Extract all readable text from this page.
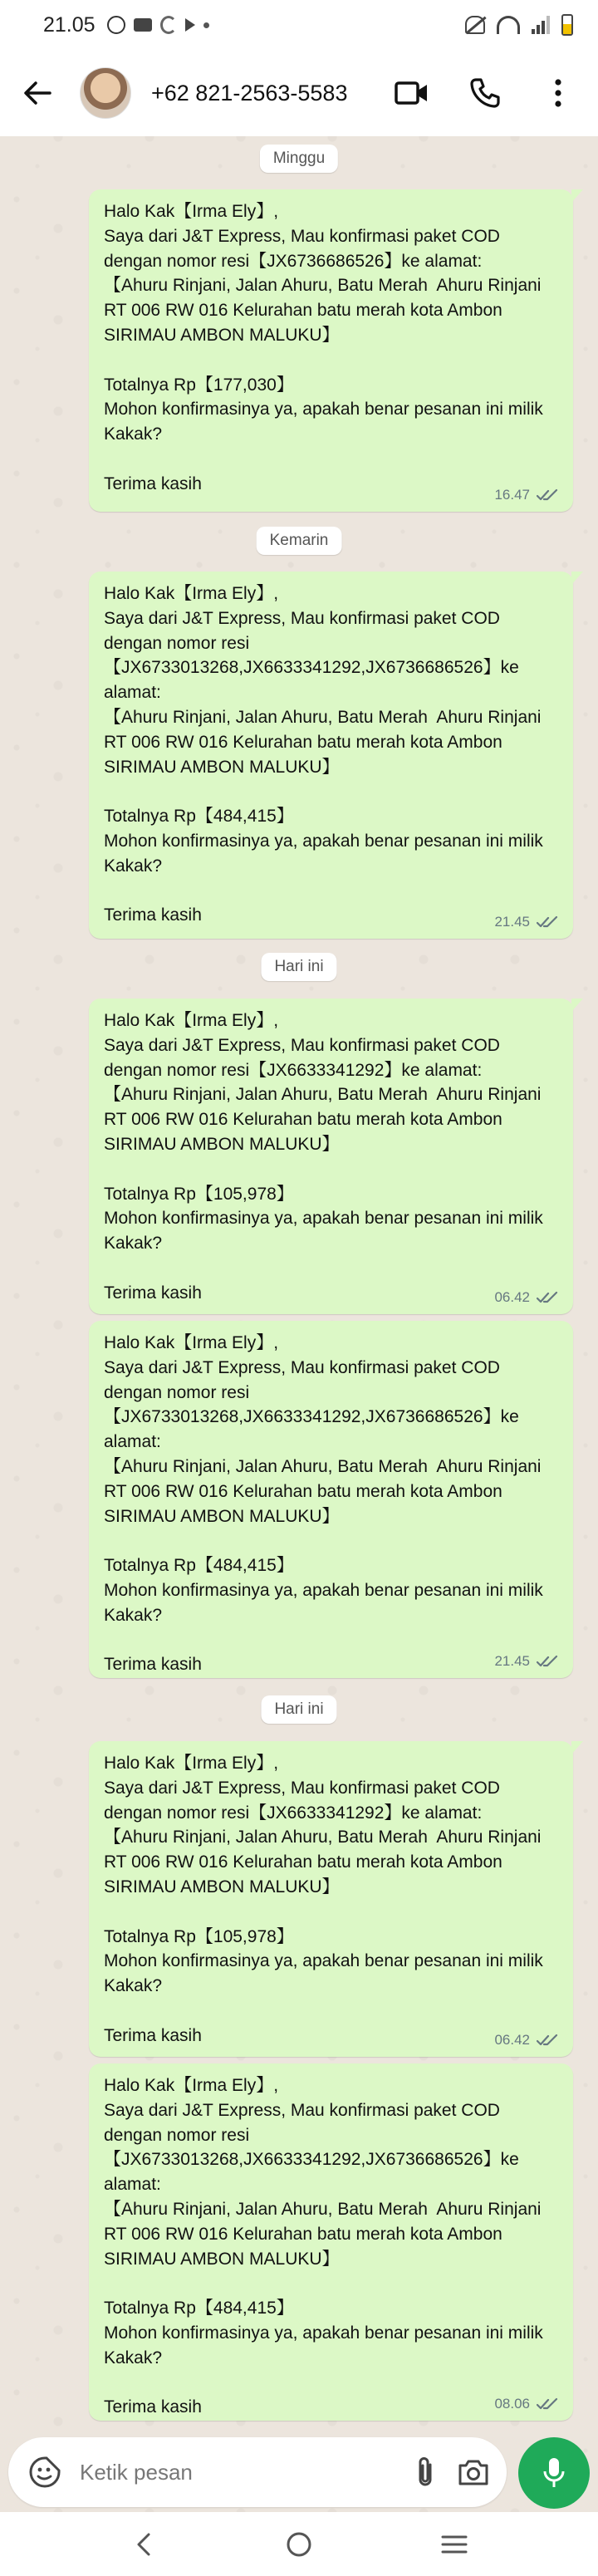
21.05
+62 821-2563-5583
Minggu
Halo Kak【Irma Ely】,
Saya dari J&T Express, Mau konfirmasi paket COD dengan nomor resi【JX6736686526】ke alamat:
【Ahuru Rinjani, Jalan Ahuru, Batu Merah  Ahuru Rinjani RT 006 RW 016 Kelurahan batu merah kota Ambon SIRIMAU AMBON MALUKU】

Totalnya Rp【177,030】
Mohon konfirmasinya ya, apakah benar pesanan ini milik Kakak?

Terima kasih
16.47
Kemarin
Halo Kak【Irma Ely】,
Saya dari J&T Express, Mau konfirmasi paket COD dengan nomor resi【JX6733013268,JX6633341292,JX6736686526】ke alamat:
【Ahuru Rinjani, Jalan Ahuru, Batu Merah  Ahuru Rinjani RT 006 RW 016 Kelurahan batu merah kota Ambon SIRIMAU AMBON MALUKU】

Totalnya Rp【484,415】
Mohon konfirmasinya ya, apakah benar pesanan ini milik Kakak?

Terima kasih	21.45
Hari ini
Halo Kak【Irma Ely】,
Saya dari J&T Express, Mau konfirmasi paket COD dengan nomor resi【JX6633341292】ke alamat:
【Ahuru Rinjani, Jalan Ahuru, Batu Merah  Ahuru Rinjani RT 006 RW 016 Kelurahan batu merah kota Ambon SIRIMAU AMBON MALUKU】

Totalnya Rp【105,978】
Mohon konfirmasinya ya, apakah benar pesanan ini milik Kakak?

Terima kasih	06.42
Halo Kak【Irma Ely】,
Saya dari J&T Express, Mau konfirmasi paket COD dengan nomor resi【JX6733013268,JX6633341292,JX6736686526】ke alamat:
【Ahuru Rinjani, Jalan Ahuru, Batu Merah  Ahuru Rinjani RT 006 RW 016 Kelurahan batu merah kota Ambon SIRIMAU AMBON MALUKU】

Totalnya Rp【484,415】
Mohon konfirmasinya ya, apakah benar pesanan ini milik Kakak?

Terima kasih	21.45
Hari ini
Halo Kak【Irma Ely】,
Saya dari J&T Express, Mau konfirmasi paket COD dengan nomor resi【JX6633341292】ke alamat:
【Ahuru Rinjani, Jalan Ahuru, Batu Merah  Ahuru Rinjani RT 006 RW 016 Kelurahan batu merah kota Ambon SIRIMAU AMBON MALUKU】

Totalnya Rp【105,978】
Mohon konfirmasinya ya, apakah benar pesanan ini milik Kakak?

Terima kasih	06.42
Halo Kak【Irma Ely】,
Saya dari J&T Express, Mau konfirmasi paket COD dengan nomor resi【JX6733013268,JX6633341292,JX6736686526】ke alamat:
【Ahuru Rinjani, Jalan Ahuru, Batu Merah  Ahuru Rinjani RT 006 RW 016 Kelurahan batu merah kota Ambon SIRIMAU AMBON MALUKU】

Totalnya Rp【484,415】
Mohon konfirmasinya ya, apakah benar pesanan ini milik Kakak?

Terima kasih	08.06
Ketik pesan
